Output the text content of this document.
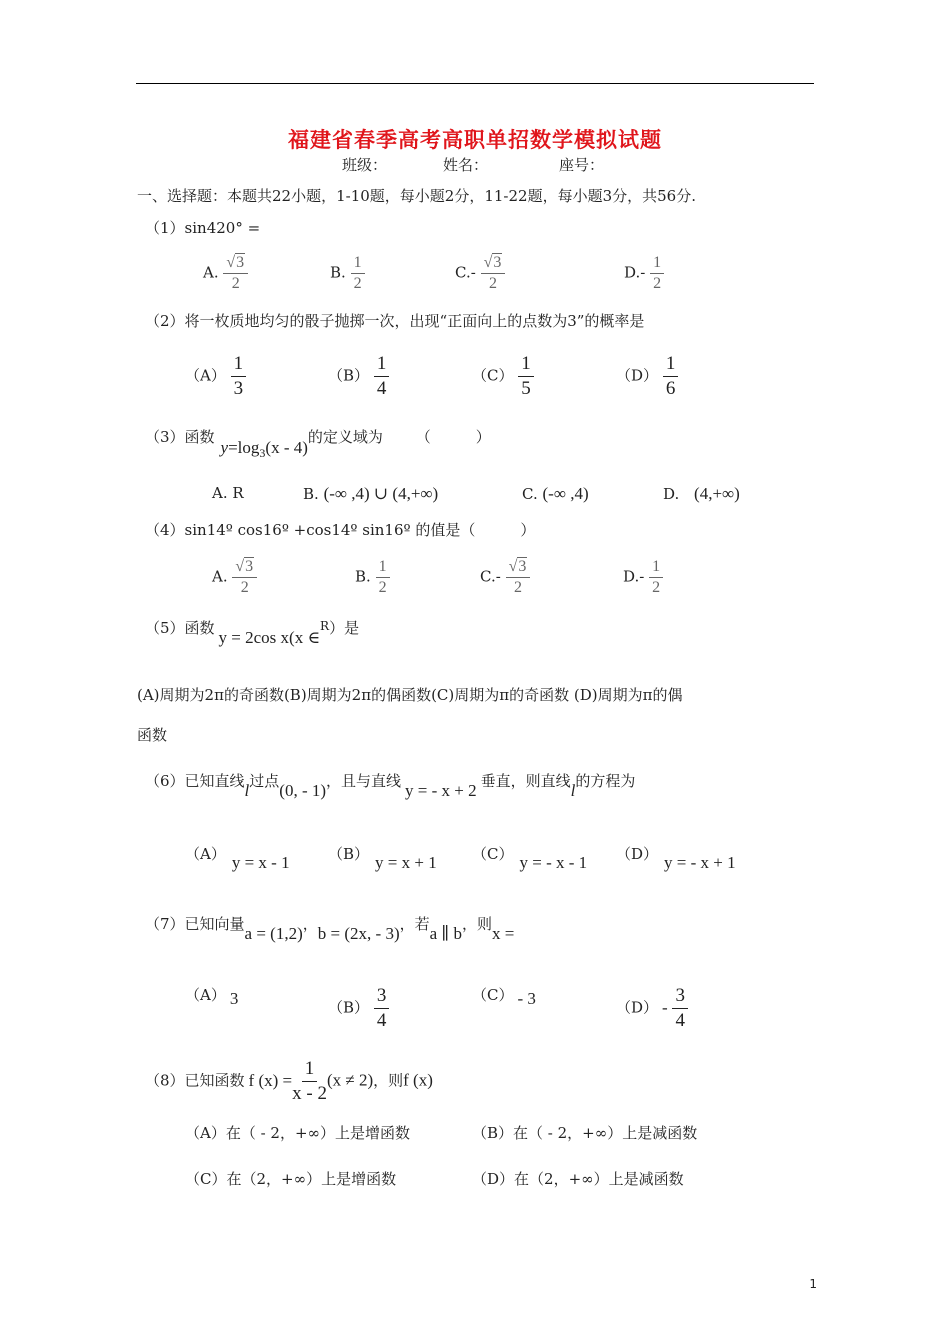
福建省春季高考高职单招数学模拟试题
班级：	姓名：	座号：
一、选择题：本题共22小题，1-10题，每小题2分，11-22题，每小题3分，共56分.
（1）sin420° =
A. $\frac{√3}{2}$	B. $\frac{1}{2}$	$C.- \frac{√3}{2}$	$D.- \frac{1}{2}$
（2）将一枚质地均匀的骰子抛掷一次，出现“正面向上的点数为3”的概率是
$(A) \frac{1}{3}$	$(B) \frac{1}{4}$	$(C) \frac{1}{5}$	$(D) \frac{1}{6}$
（3）函数$y=\log_3(x - 4)$的定义域为 （　　　）
A. R	B. (-∞ ,4) ∪ (4,+∞)	C. (-∞ ,4)	D. (4,+∞)
（4）sin14º cos16º +cos14º sin16º 的值是（　　　）
A. $\frac{√3}{2}$	B. $\frac{1}{2}$	$C.- \frac{√3}{2}$	$D.- \frac{1}{2}$
（5）函数 y = 2cos x(x ∈$^R$）是
(A)周期为2π的奇函数(B)周期为2π的偶函数(C)周期为π的奇函数 (D)周期为π的偶
函数
（6）已知直线l过点(0, - 1)，且与直线 y = - x + 2 垂直，则直线l的方程为
（A） y = x - 1	（B） y = x + 1 （C） y = - x - 1 （D） y = - x + 1
（7）已知向量a = (1,2)，b = (2x, - 3)，若a ∥ b，则x =
（A） 3	$(B) \frac{3}{4}$	（C） - 3	$(D) - \frac{3}{4}$
（8）已知函数 f $(x) = \frac{1}{x - 2} (x \ne 2)$，则f (x)
（A）在（ - 2，+∞）上是增函数	（B）在（ - 2，+∞）上是减函数
（C）在（2，+∞）上是增函数	（D）在（2，+∞）上是减函数
1
